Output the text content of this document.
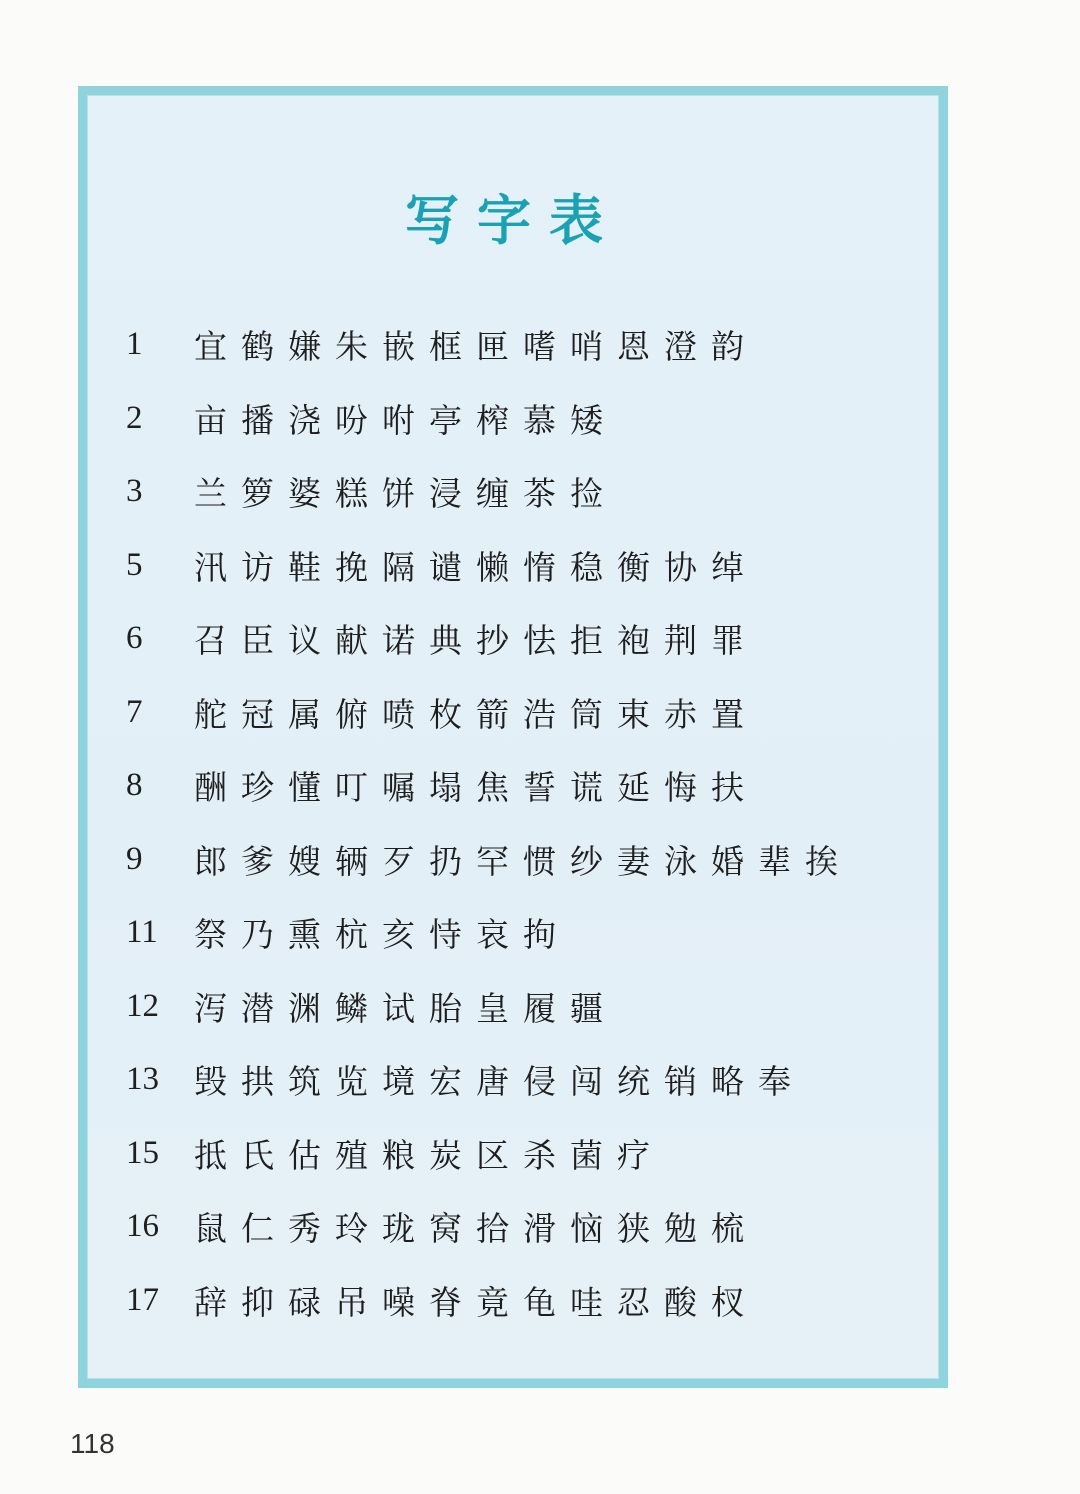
写字表
1	宜鹤嫌朱嵌框匣嗜哨恩澄韵
2	亩播浇吩咐亭榨慕矮
3	兰箩婆糕饼浸缠茶捡
5	汛访鞋挽隔谴懒惰稳衡协绰
6	召臣议献诺典抄怯拒袍荆罪
7	舵冠属俯喷枚箭浩筒束赤置
8	酬珍懂叮嘱塌焦誓谎延悔扶
9	郎爹嫂辆歹扔罕惯纱妻泳婚辈挨
11	祭乃熏杭亥恃哀拘
12	泻潜渊鳞试胎皇履疆
13	毁拱筑览境宏唐侵闯统销略奉
15	抵氏估殖粮炭区杀菌疗
16	鼠仁秀玲珑窝拾滑恼狭勉梳
17	辞抑碌吊噪脊竟龟哇忍酸杈
118
